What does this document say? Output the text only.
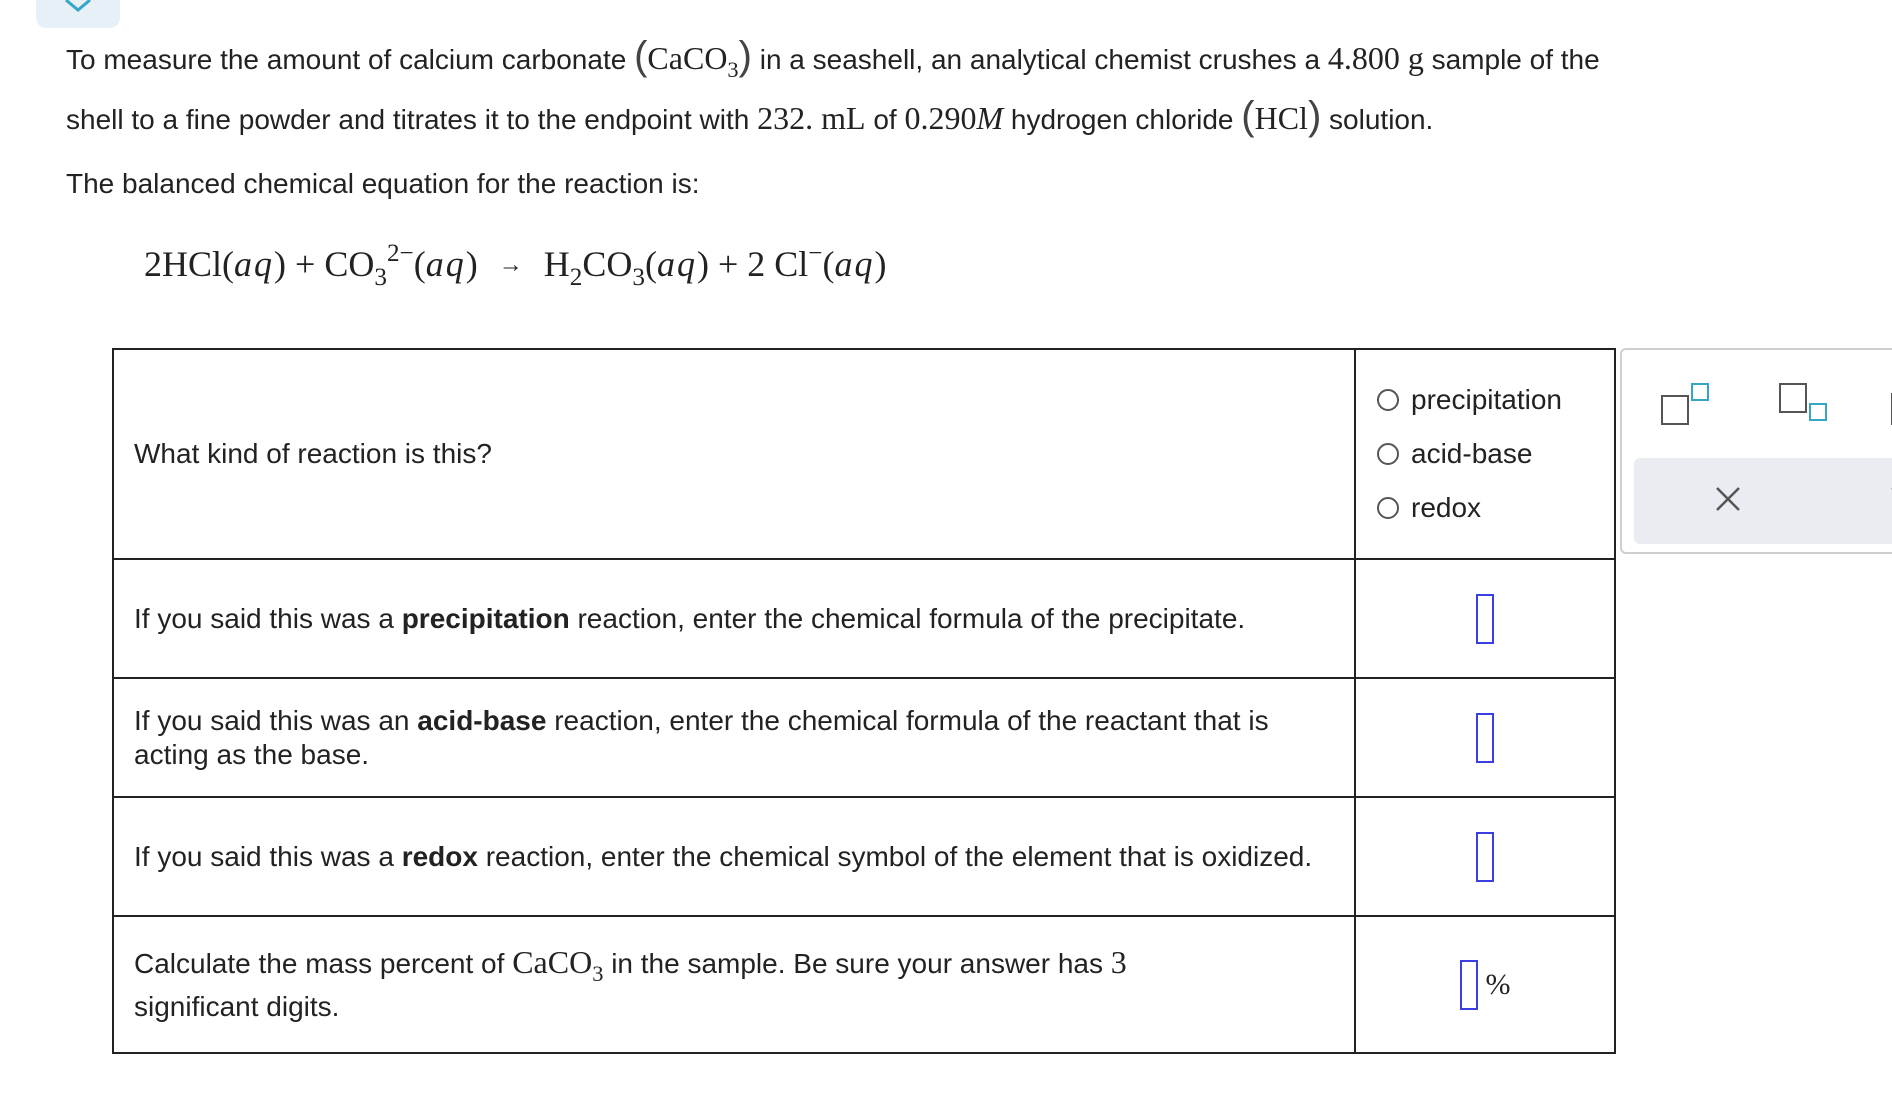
To measure the amount of calcium carbonate (CaCO$_3$) in a seashell, an analytical chemist crushes a 4.800 g sample of the
shell to a fine powder and titrates it to the endpoint with 232. mL of 0.290M hydrogen chloride (HCl) solution.
The balanced chemical equation for the reaction is:
$2HCl(aq) + CO_3^{2-}(aq) \to H_2CO_3(aq) + 2$ Cl−(aq)
What kind of reaction is this?	precipitation
acid-base
redox

If you said this was a precipitation reaction, enter the chemical formula of the precipitate.	
If you said this was an acid-base reaction, enter the chemical formula of the reactant that is acting as the base.	
If you said this was a redox reaction, enter the chemical symbol of the element that is oxidized.	
Calculate the mass percent of CaCO$_3$ in the sample. Be sure your answer has 3
significant digits.	%
